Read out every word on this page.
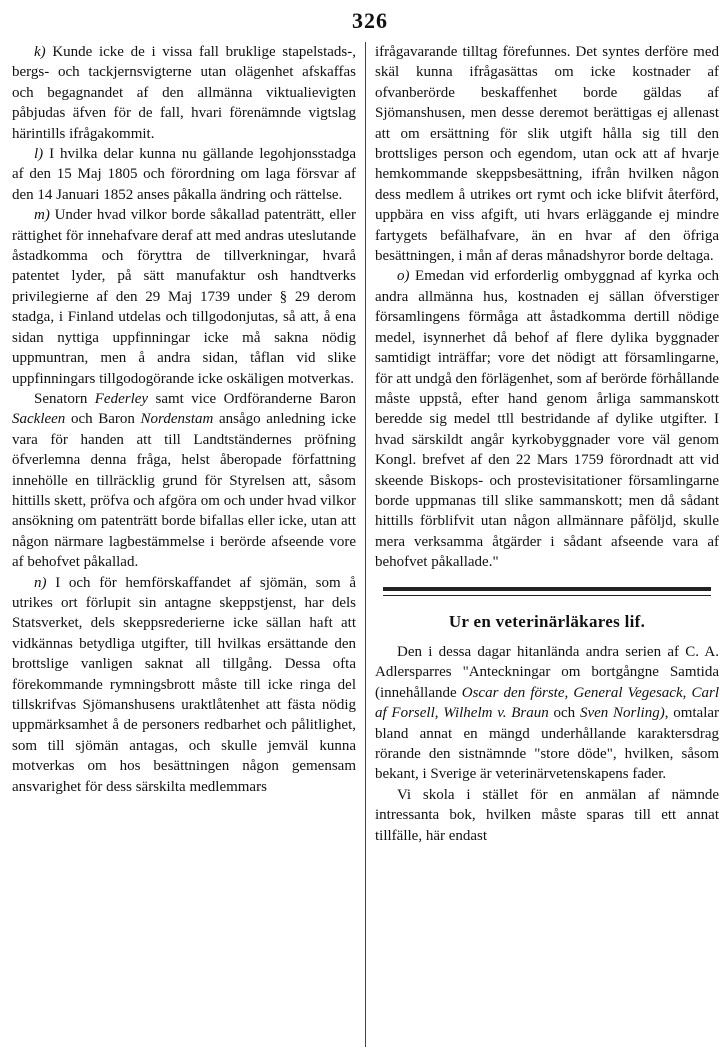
326

k) Kunde icke de i vissa fall bruklige stapelstads-, bergs- och tackjernsvigterne utan olägenhet afskaffas och begagnandet af den allmänna viktualievigten påbjudas äfven för de fall, hvari förenämnde vigtslag härintills ifrågakommit.

l) I hvilka delar kunna nu gällande legohjonsstadga af den 15 Maj 1805 och förordning om laga försvar af den 14 Januari 1852 anses påkalla ändring och rättelse.

m) Under hvad vilkor borde såkallad patenträtt, eller rättighet för innehafvare deraf att med andras uteslutande åstadkomma och föryttra de tillverkningar, hvarå patentet lyder, på sätt manufaktur osh handtverks privilegierne af den 29 Maj 1739 under § 29 derom stadga, i Finland utdelas och tillgodonjutas, så att, å ena sidan nyttiga uppfinningar icke må sakna nödig uppmuntran, men å andra sidan, tåflan vid slike uppfinningars tillgodogörande icke oskäligen motverkas.

Senatorn Federley samt vice Ordföranderne Baron Sackleen och Baron Nordenstam ansågo anledning icke vara för handen att till Landtständernes pröfning öfverlemna denna fråga, helst åberopade författning innehölle en tillräcklig grund för Styrelsen att, såsom hittills skett, pröfva och afgöra om och under hvad vilkor ansökning om patenträtt borde bifallas eller icke, utan att någon närmare lagbestämmelse i berörde afseende vore af behofvet påkallad.

n) I och för hemförskaffandet af sjömän, som å utrikes ort förlupit sin antagne skeppstjenst, har dels Statsverket, dels skeppsrederierne icke sällan haft att vidkännas betydliga utgifter, till hvilkas ersättande den brottslige vanligen saknat all tillgång. Dessa ofta förekommande rymningsbrott måste till icke ringa del tillskrifvas Sjömanshusens uraktlåtenhet att fästa nödig uppmärksamhet å de personers redbarhet och pålitlighet, som till sjömän antagas, och skulle jemväl kunna motverkas om hos besättningen någon gemensam ansvarighet för dess särskilta medlemmars

ifrågavarande tilltag förefunnes. Det syntes derföre med skäl kunna ifrågasättas om icke kostnader af ofvanberörde beskaffenhet borde gäldas af Sjömanshusen, men desse deremot berättigas ej allenast att om ersättning för slik utgift hålla sig till den brottsliges person och egendom, utan ock att af hvarje hemkommande skeppsbesättning, ifrån hvilken någon dess medlem å utrikes ort rymt och icke blifvit återförd, uppbära en viss afgift, uti hvars erläggande ej mindre fartygets befälhafvare, än en hvar af den öfriga besättningen, i mån af deras månadshyror borde deltaga.

o) Emedan vid erforderlig ombyggnad af kyrka och andra allmänna hus, kostnaden ej sällan öfverstiger församlingens förmåga att åstadkomma dertill nödige medel, isynnerhet då behof af flere dylika byggnader samtidigt inträffar; vore det nödigt att församlingarne, för att undgå den förlägenhet, som af berörde förhållande måste uppstå, efter hand genom årliga sammanskott beredde sig medel ttll bestridande af dylike utgifter. I hvad särskildt angår kyrkobyggnader vore väl genom Kongl. brefvet af den 22 Mars 1759 förordnadt att vid skeende Biskops- och prostevisitationer församlingarne borde uppmanas till slike sammanskott; men då sådant hittills förblifvit utan någon allmännare påföljd, skulle mera verksamma åtgärder i sådant afseende vara af behofvet påkallade."

Ur en veterinärläkares lif.

Den i dessa dagar hitanlända andra serien af C. A. Adlersparres "Anteckningar om bortgångne Samtida (innehållande Oscar den förste, General Vegesack, Carl af Forsell, Wilhelm v. Braun och Sven Norling), omtalar bland annat en mängd underhållande karaktersdrag rörande den sistnämnde "store döde", hvilken, såsom bekant, i Sverige är veterinärvetenskapens fader.

Vi skola i stället för en anmälan af nämnde intressanta bok, hvilken måste sparas till ett annat tillfälle, här endast
